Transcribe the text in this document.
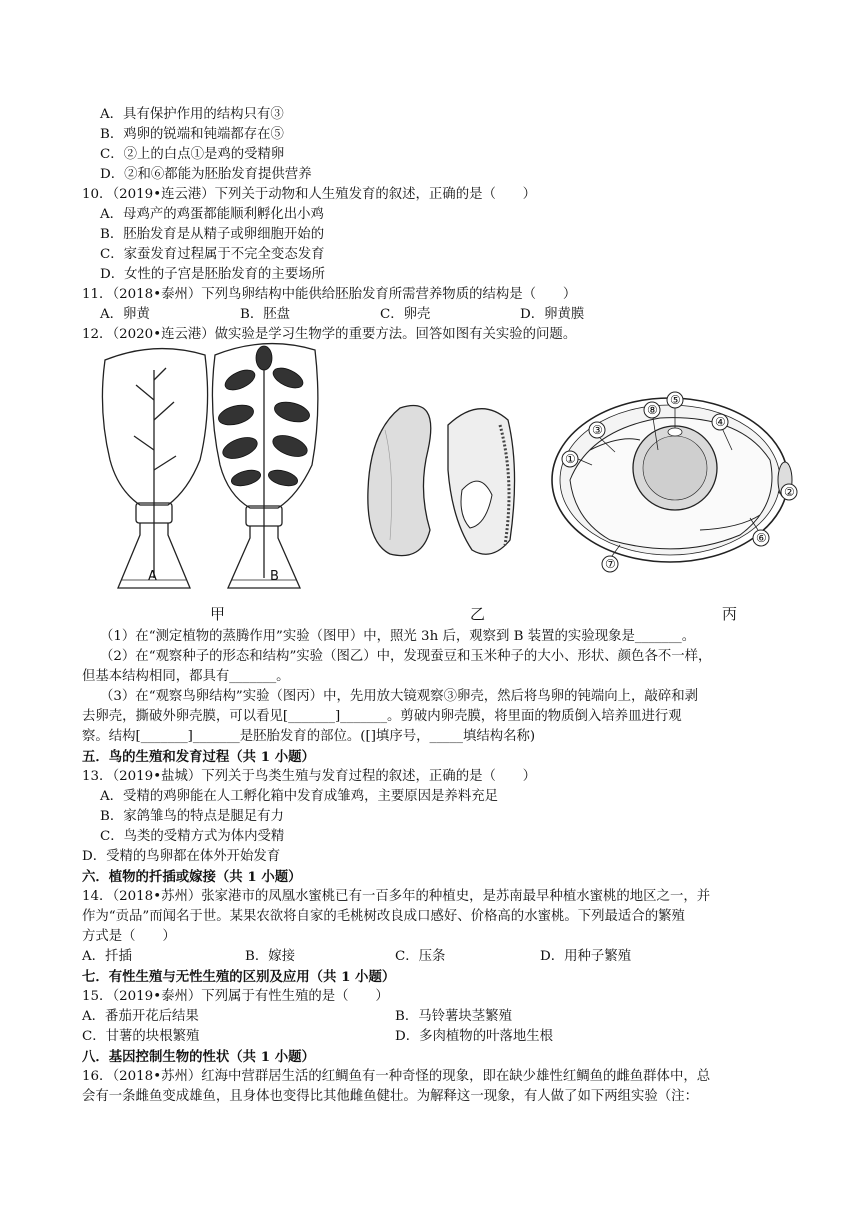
A．具有保护作用的结构只有③
B．鸡卵的锐端和钝端都存在⑤
C．②上的白点①是鸡的受精卵
D．②和⑥都能为胚胎发育提供营养
10．（2019•连云港）下列关于动物和人生殖发育的叙述，正确的是（　　）
A．母鸡产的鸡蛋都能顺利孵化出小鸡
B．胚胎发育是从精子或卵细胞开始的
C．家蚕发育过程属于不完全变态发育
D．女性的子宫是胚胎发育的主要场所
11．（2018•泰州）下列鸟卵结构中能供给胚胎发育所需营养物质的结构是（　　）
A．卵黄	B．胚盘	C．卵壳	D．卵黄膜
12．（2020•连云港）做实验是学习生物学的重要方法。回答如图有关实验的问题。
A	B
①
②
③
④
⑤
⑥
⑦
⑧
甲	乙	丙
（1）在“测定植物的蒸腾作用”实验（图甲）中，照光 3h 后，观察到 B 装置的实验现象是_______。
（2）在“观察种子的形态和结构”实验（图乙）中，发现蚕豆和玉米种子的大小、形状、颜色各不一样，
但基本结构相同，都具有_______。
（3）在“观察鸟卵结构”实验（图丙）中，先用放大镜观察③卵壳，然后将鸟卵的钝端向上，敲碎和剥
去卵壳，撕破外卵壳膜，可以看见[_______]_______。剪破内卵壳膜，将里面的物质倒入培养皿进行观
察。结构[_______]_______是胚胎发育的部位。([]填序号，_____填结构名称)
五．鸟的生殖和发育过程（共 1 小题）
13．（2019•盐城）下列关于鸟类生殖与发育过程的叙述，正确的是（　　）
A．受精的鸡卵能在人工孵化箱中发育成雏鸡，主要原因是养料充足
B．家鸽雏鸟的特点是腿足有力
C．鸟类的受精方式为体内受精
D．受精的鸟卵都在体外开始发育
六．植物的扦插或嫁接（共 1 小题）
14．（2018•苏州）张家港市的凤凰水蜜桃已有一百多年的种植史，是苏南最早种植水蜜桃的地区之一，并
作为“贡品”而闻名于世。某果农欲将自家的毛桃树改良成口感好、价格高的水蜜桃。下列最适合的繁殖
方式是（　　）
A．扦插	B．嫁接	C．压条	D．用种子繁殖
七．有性生殖与无性生殖的区别及应用（共 1 小题）
15．（2019•泰州）下列属于有性生殖的是（　　）
A．番茄开花后结果	B．马铃薯块茎繁殖
C．甘薯的块根繁殖	D．多肉植物的叶落地生根
八．基因控制生物的性状（共 1 小题）
16．（2018•苏州）红海中营群居生活的红鲷鱼有一种奇怪的现象，即在缺少雄性红鲷鱼的雌鱼群体中，总
会有一条雌鱼变成雄鱼，且身体也变得比其他雌鱼健壮。为解释这一现象，有人做了如下两组实验（注：
